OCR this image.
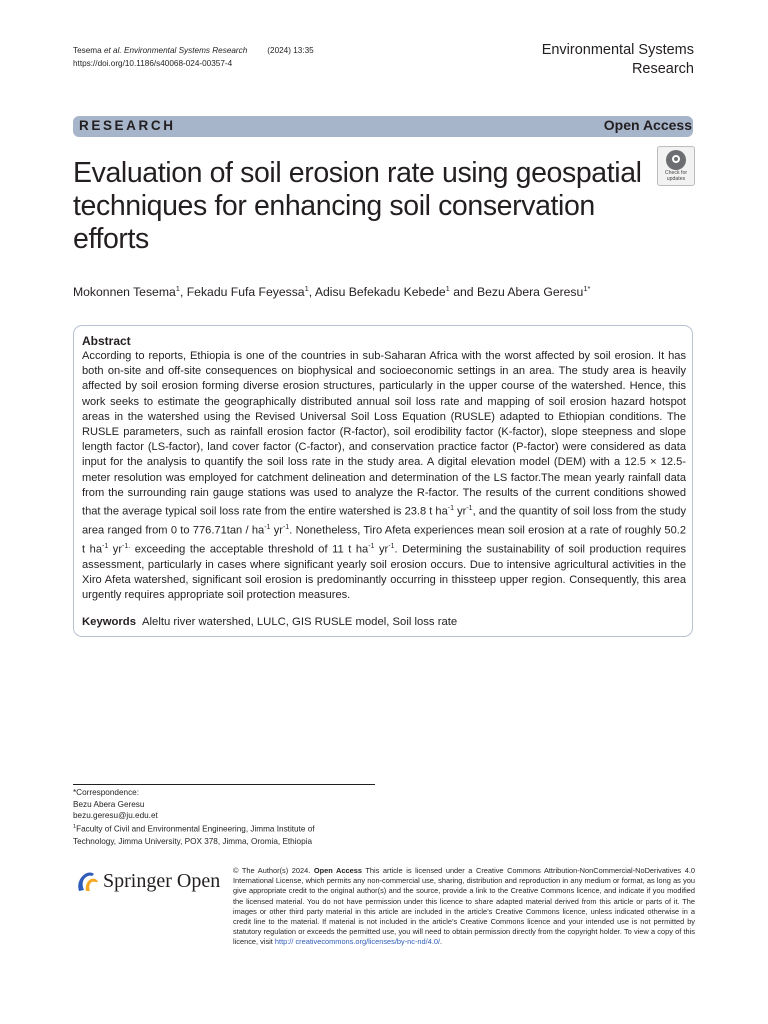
Tesema et al. Environmental Systems Research (2024) 13:35
https://doi.org/10.1186/s40068-024-00357-4
Environmental Systems
Research
RESEARCH	Open Access
Evaluation of soil erosion rate using geospatial techniques for enhancing soil conservation efforts
Check for
updates
Mokonnen Tesema$^1$, Fekadu Fufa Feyessa$^1$, Adisu Befekadu Kebede$^1$ and Bezu Abera Geresu$^{1*}$
Abstract

According to reports, Ethiopia is one of the countries in sub-Saharan Africa with the worst affected by soil erosion. It has both on-site and off-site consequences on biophysical and socioeconomic settings in an area. The study area is heavily affected by soil erosion forming diverse erosion structures, particularly in the upper course of the watershed. Hence, this work seeks to estimate the geographically distributed annual soil loss rate and mapping of soil erosion hazard hotspot areas in the watershed using the Revised Universal Soil Loss Equation (RUSLE) adapted to Ethiopian conditions. The RUSLE parameters, such as rainfall erosion factor (R-factor), soil erodibility factor (K-factor), slope steepness and slope length factor (LS-factor), land cover factor (C-factor), and conservation practice factor (P-factor) were considered as data input for the analysis to quantify the soil loss rate in the study area. A digital elevation model (DEM) with a 12.5 × 12.5-meter resolution was employed for catchment delineation and determination of the LS factor.The mean yearly rainfall data from the surrounding rain gauge stations was used to analyze the R-factor. The results of the current conditions showed that the average typical soil loss rate from the entire watershed is 23.8 t $ha^{-1}$ $yr^{-1}$, and the quantity of soil loss from the study area ranged from 0 to $776.71\tan / ha^{-1}$ $yr^{-1}$. Nonetheless, Tiro Afeta experiences mean soil erosion at a rate of roughly 50.2 t $ha^{-1}$ $yr^{-1.}$ exceeding the acceptable threshold of 11 t $ha^{-1}$ $yr^{-1}$. Determining the sustainability of soil production requires assessment, particularly in cases where significant yearly soil erosion occurs. Due to intensive agricultural activities in the Xiro Afeta watershed, significant soil erosion is predominantly occurring in thissteep upper region. Consequently, this area urgently requires appropriate soil protection measures.

Keywords Aleltu river watershed, LULC, GIS RUSLE model, Soil loss rate
*Correspondence:
Bezu Abera Geresu
bezu.geresu@ju.edu.et
$^1$Faculty of Civil and Environmental Engineering, Jimma Institute of
Technology, Jimma University, POX 378, Jimma, Oromia, Ethiopia
Springer Open © The Author(s) 2024. Open Access This article is licensed under a Creative Commons Attribution-NonCommercial-NoDerivatives 4.0 International License, which permits any non-commercial use, sharing, distribution and reproduction in any medium or format, as long as you give appropriate credit to the original author(s) and the source, provide a link to the Creative Commons licence, and indicate if you modified the licensed material. You do not have permission under this licence to share adapted material derived from this article or parts of it. The images or other third party material in this article are included in the article’s Creative Commons licence, unless indicated otherwise in a credit line to the material. If material is not included in the article’s Creative Commons licence and your intended use is not permitted by statutory regulation or exceeds the permitted use, you will need to obtain permission directly from the copyright holder. To view a copy of this licence, visit http:// creativecommons.org/licenses/by-nc-nd/4.0/.
